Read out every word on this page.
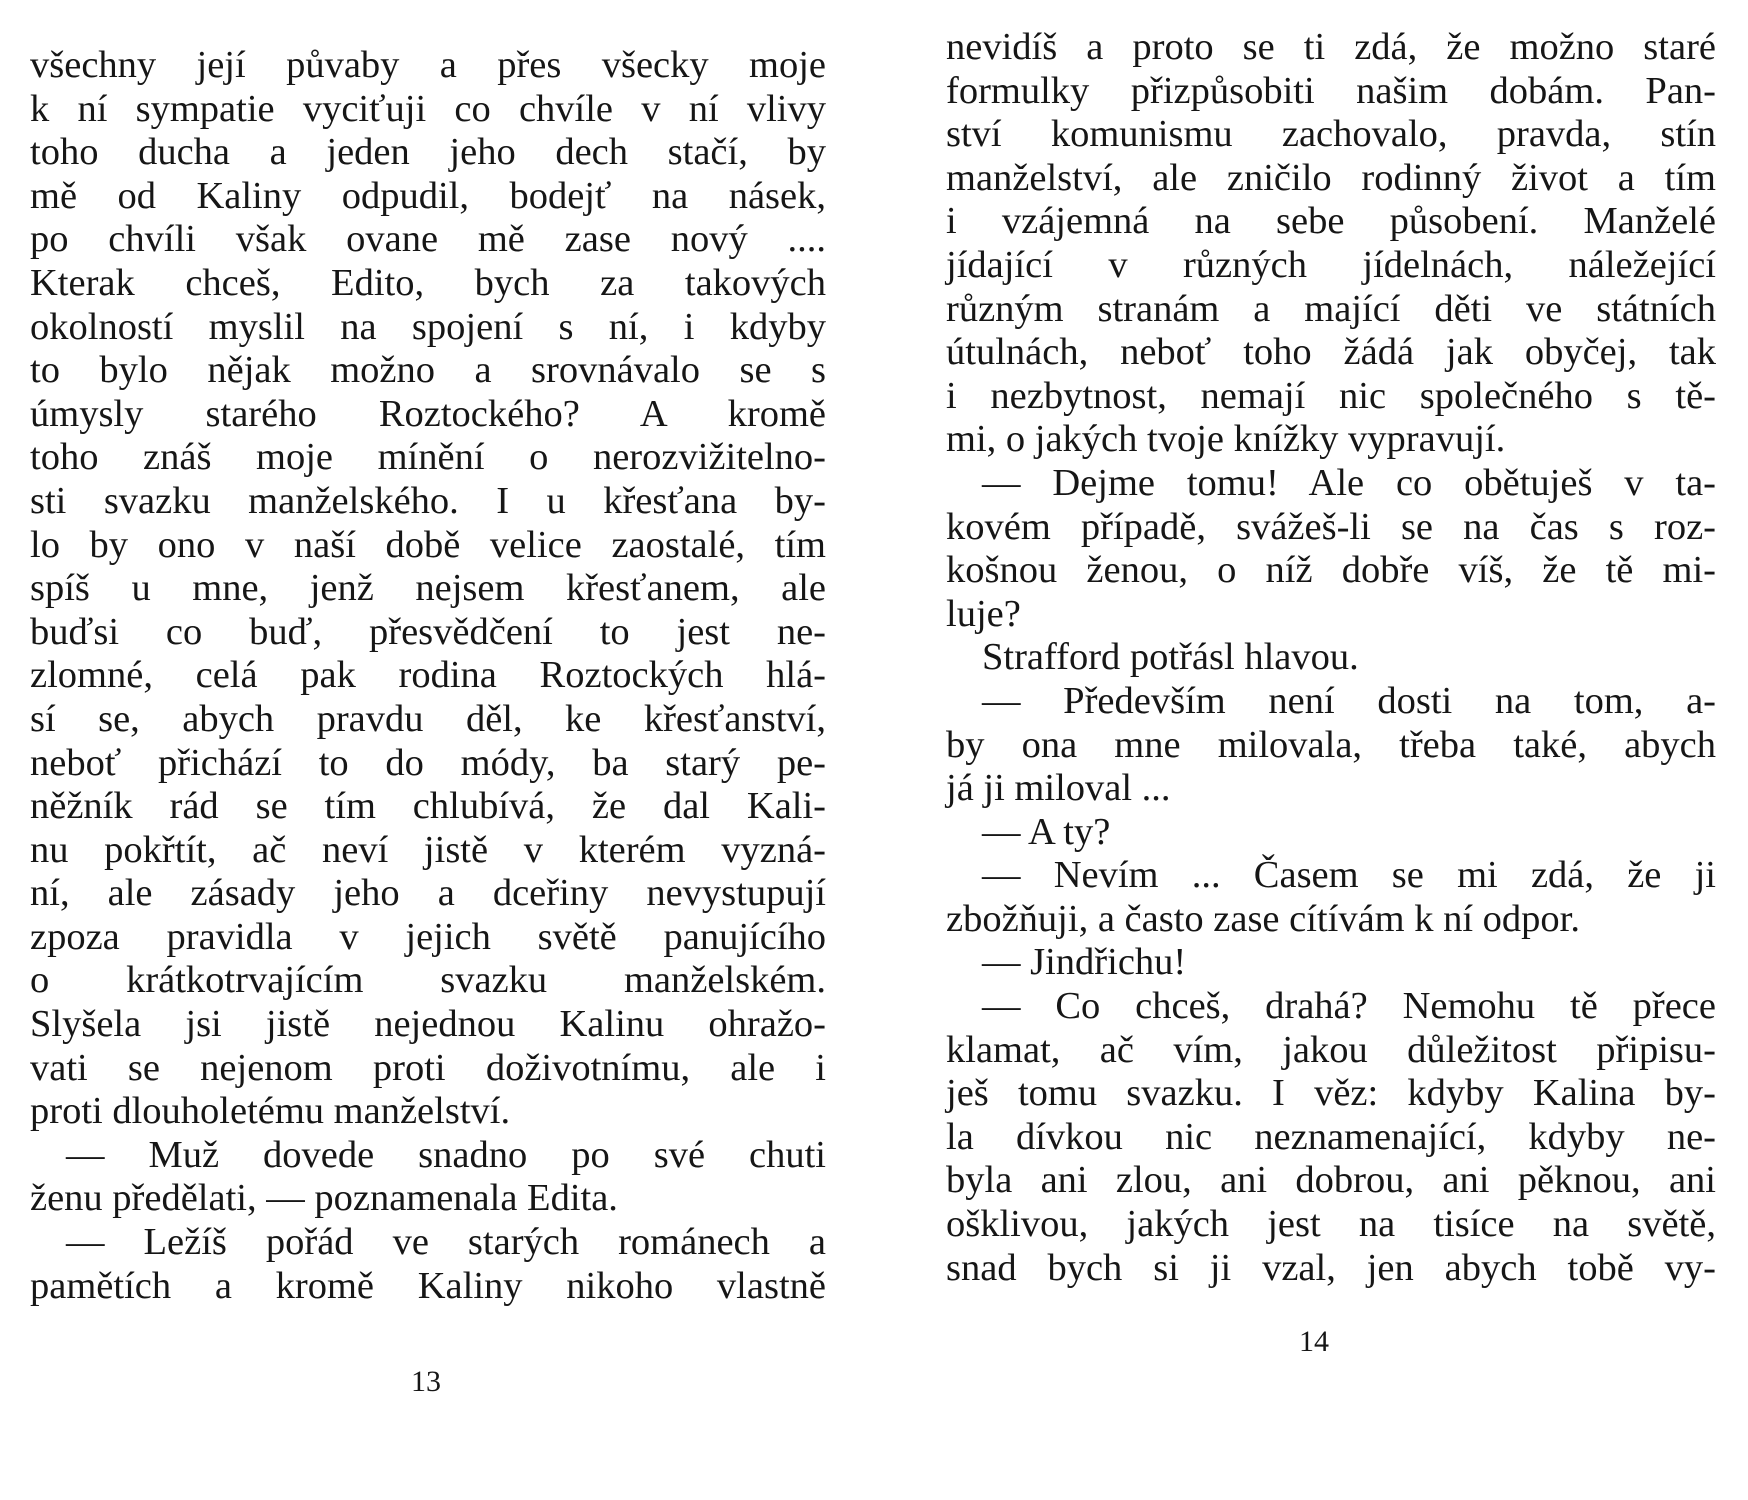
všechny její půvaby a přes všecky moje
k ní sympatie vyciťuji co chvíle v ní vlivy
toho ducha a jeden jeho dech stačí, by
mě od Kaliny odpudil, bodejť na násek,
po chvíli však ovane mě zase nový ....
Kterak chceš, Edito, bych za takových
okolností myslil na spojení s ní, i kdyby
to bylo nějak možno a srovnávalo se s
úmysly starého Roztockého? A kromě
toho znáš moje mínění o nerozvižitelno-
sti svazku manželského. I u křesťana by-
lo by ono v naší době velice zaostalé, tím
spíš u mne, jenž nejsem křesťanem, ale
buďsi co buď, přesvědčení to jest ne-
zlomné, celá pak rodina Roztockých hlá-
sí se, abych pravdu děl, ke křesťanství,
neboť přichází to do módy, ba starý pe-
něžník rád se tím chlubívá, že dal Kali-
nu pokřtít, ač neví jistě v kterém vyzná-
ní, ale zásady jeho a dceřiny nevystupují
zpoza pravidla v jejich světě panujícího
o krátkotrvajícím svazku manželském.
Slyšela jsi jistě nejednou Kalinu ohražo-
vati se nejenom proti doživotnímu, ale i
proti dlouholetému manželství.
— Muž dovede snadno po své chuti
ženu předělati, — poznamenala Edita.
— Ležíš pořád ve starých románech a
pamětích a kromě Kaliny nikoho vlastně
13
nevidíš a proto se ti zdá, že možno staré
formulky přizpůsobiti našim dobám. Pan-
ství komunismu zachovalo, pravda, stín
manželství, ale zničilo rodinný život a tím
i vzájemná na sebe působení. Manželé
jídající v různých jídelnách, náležející
různým stranám a mající děti ve státních
útulnách, neboť toho žádá jak obyčej, tak
i nezbytnost, nemají nic společného s tě-
mi, o jakých tvoje knížky vypravují.
— Dejme tomu! Ale co obětuješ v ta-
kovém případě, svážeš-li se na čas s roz-
košnou ženou, o níž dobře víš, že tě mi-
luje?
Strafford potřásl hlavou.
— Především není dosti na tom, a-
by ona mne milovala, třeba také, abych
já ji miloval ...
— A ty?
— Nevím ... Časem se mi zdá, že ji
zbožňuji, a často zase cítívám k ní odpor.
— Jindřichu!
— Co chceš, drahá? Nemohu tě přece
klamat, ač vím, jakou důležitost připisu-
ješ tomu svazku. I věz: kdyby Kalina by-
la dívkou nic neznamenající, kdyby ne-
byla ani zlou, ani dobrou, ani pěknou, ani
ošklivou, jakých jest na tisíce na světě,
snad bych si ji vzal, jen abych tobě vy-
14
